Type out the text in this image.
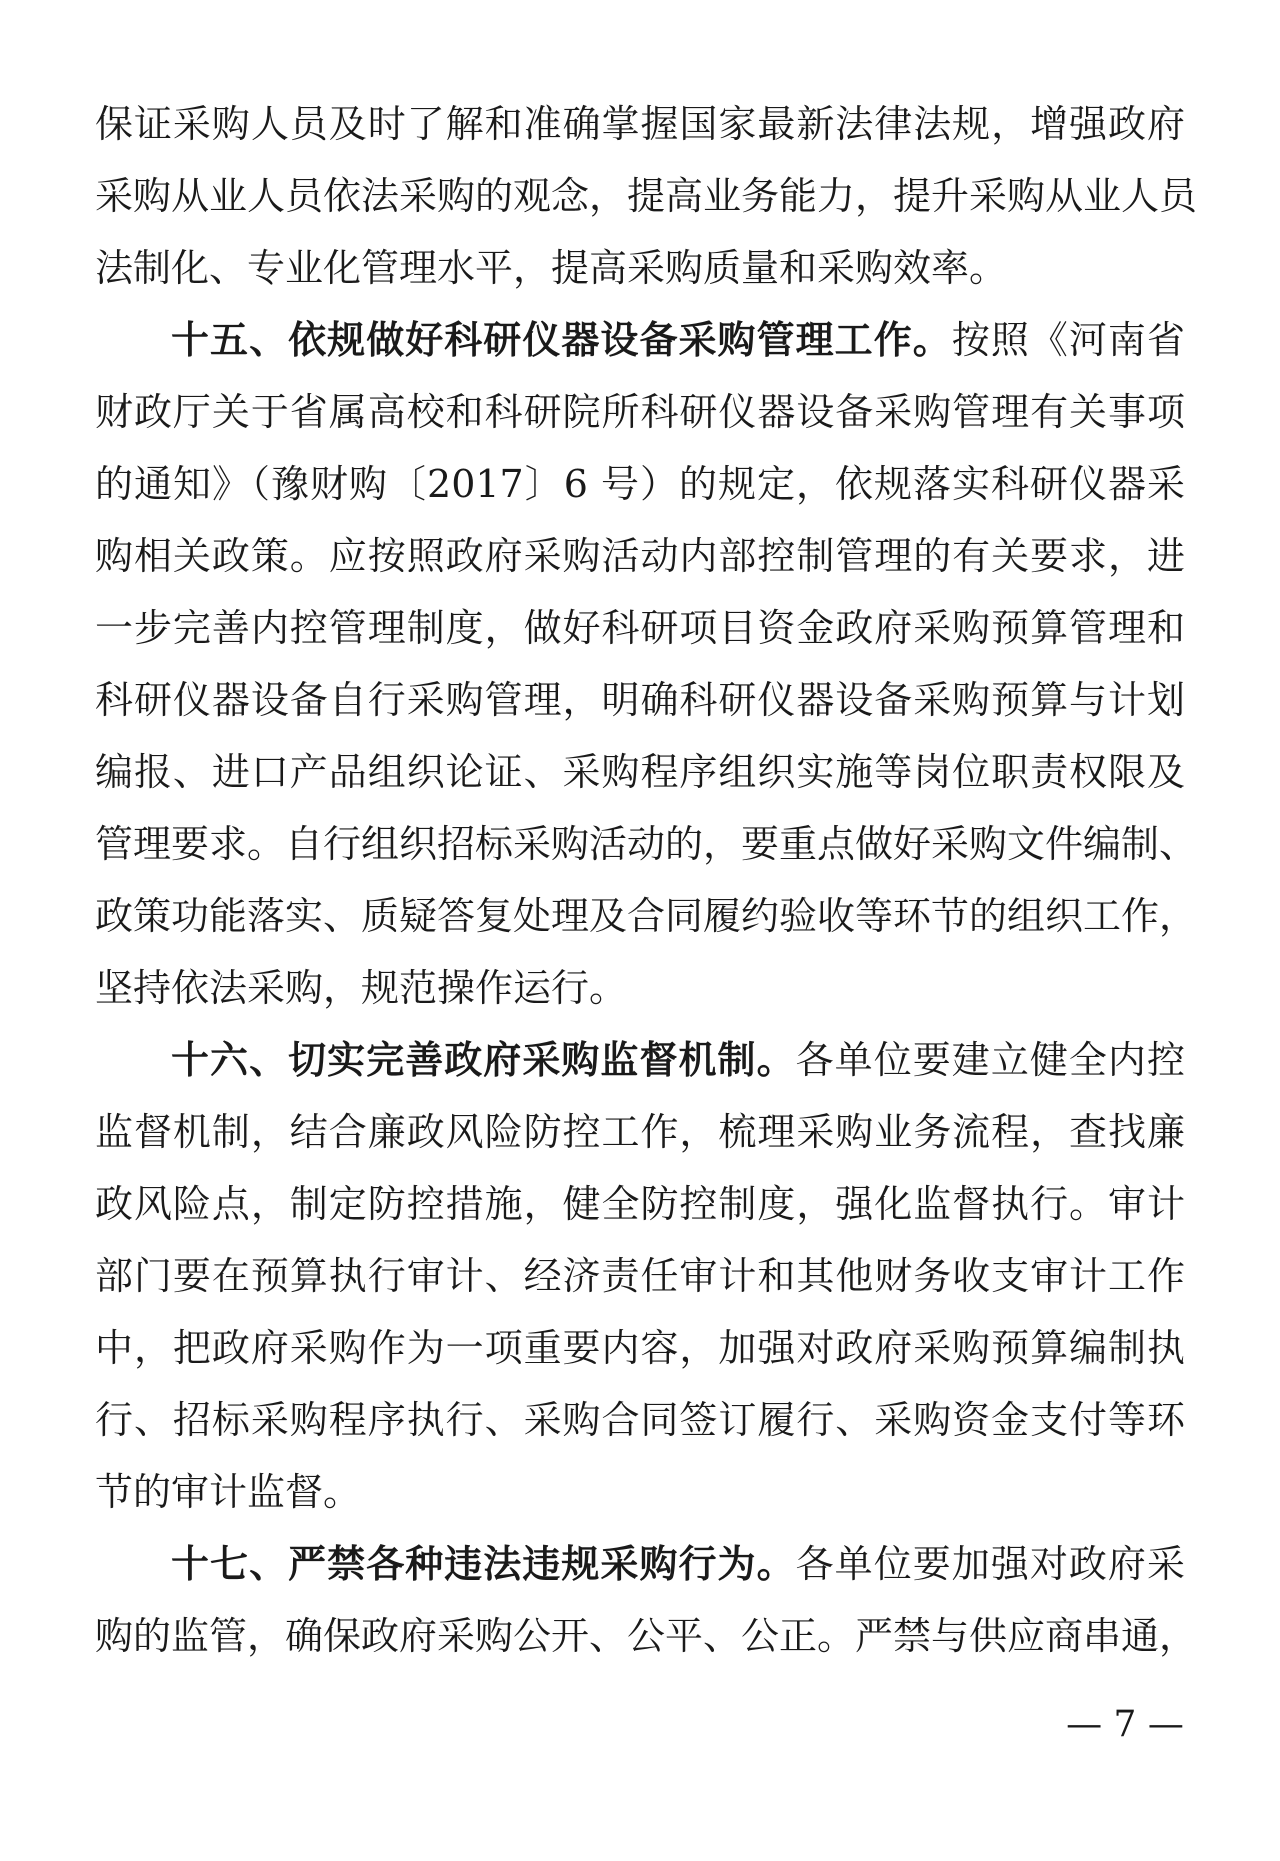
保证采购人员及时了解和准确掌握国家最新法律法规，增强政府
采购从业人员依法采购的观念，提高业务能力，提升采购从业人员
法制化、专业化管理水平，提高采购质量和采购效率。
十五、依规做好科研仪器设备采购管理工作。按照《河南省
财政厅关于省属高校和科研院所科研仪器设备采购管理有关事项
的通知》（豫财购〔2017〕6 号）的规定，依规落实科研仪器采
购相关政策。应按照政府采购活动内部控制管理的有关要求，进
一步完善内控管理制度，做好科研项目资金政府采购预算管理和
科研仪器设备自行采购管理，明确科研仪器设备采购预算与计划
编报、进口产品组织论证、采购程序组织实施等岗位职责权限及
管理要求。自行组织招标采购活动的，要重点做好采购文件编制、
政策功能落实、质疑答复处理及合同履约验收等环节的组织工作，
坚持依法采购，规范操作运行。
十六、切实完善政府采购监督机制。各单位要建立健全内控
监督机制，结合廉政风险防控工作，梳理采购业务流程，查找廉
政风险点，制定防控措施，健全防控制度，强化监督执行。审计
部门要在预算执行审计、经济责任审计和其他财务收支审计工作
中，把政府采购作为一项重要内容，加强对政府采购预算编制执
行、招标采购程序执行、采购合同签订履行、采购资金支付等环
节的审计监督。
十七、严禁各种违法违规采购行为。各单位要加强对政府采
购的监管，确保政府采购公开、公平、公正。严禁与供应商串通，
— 7 —
